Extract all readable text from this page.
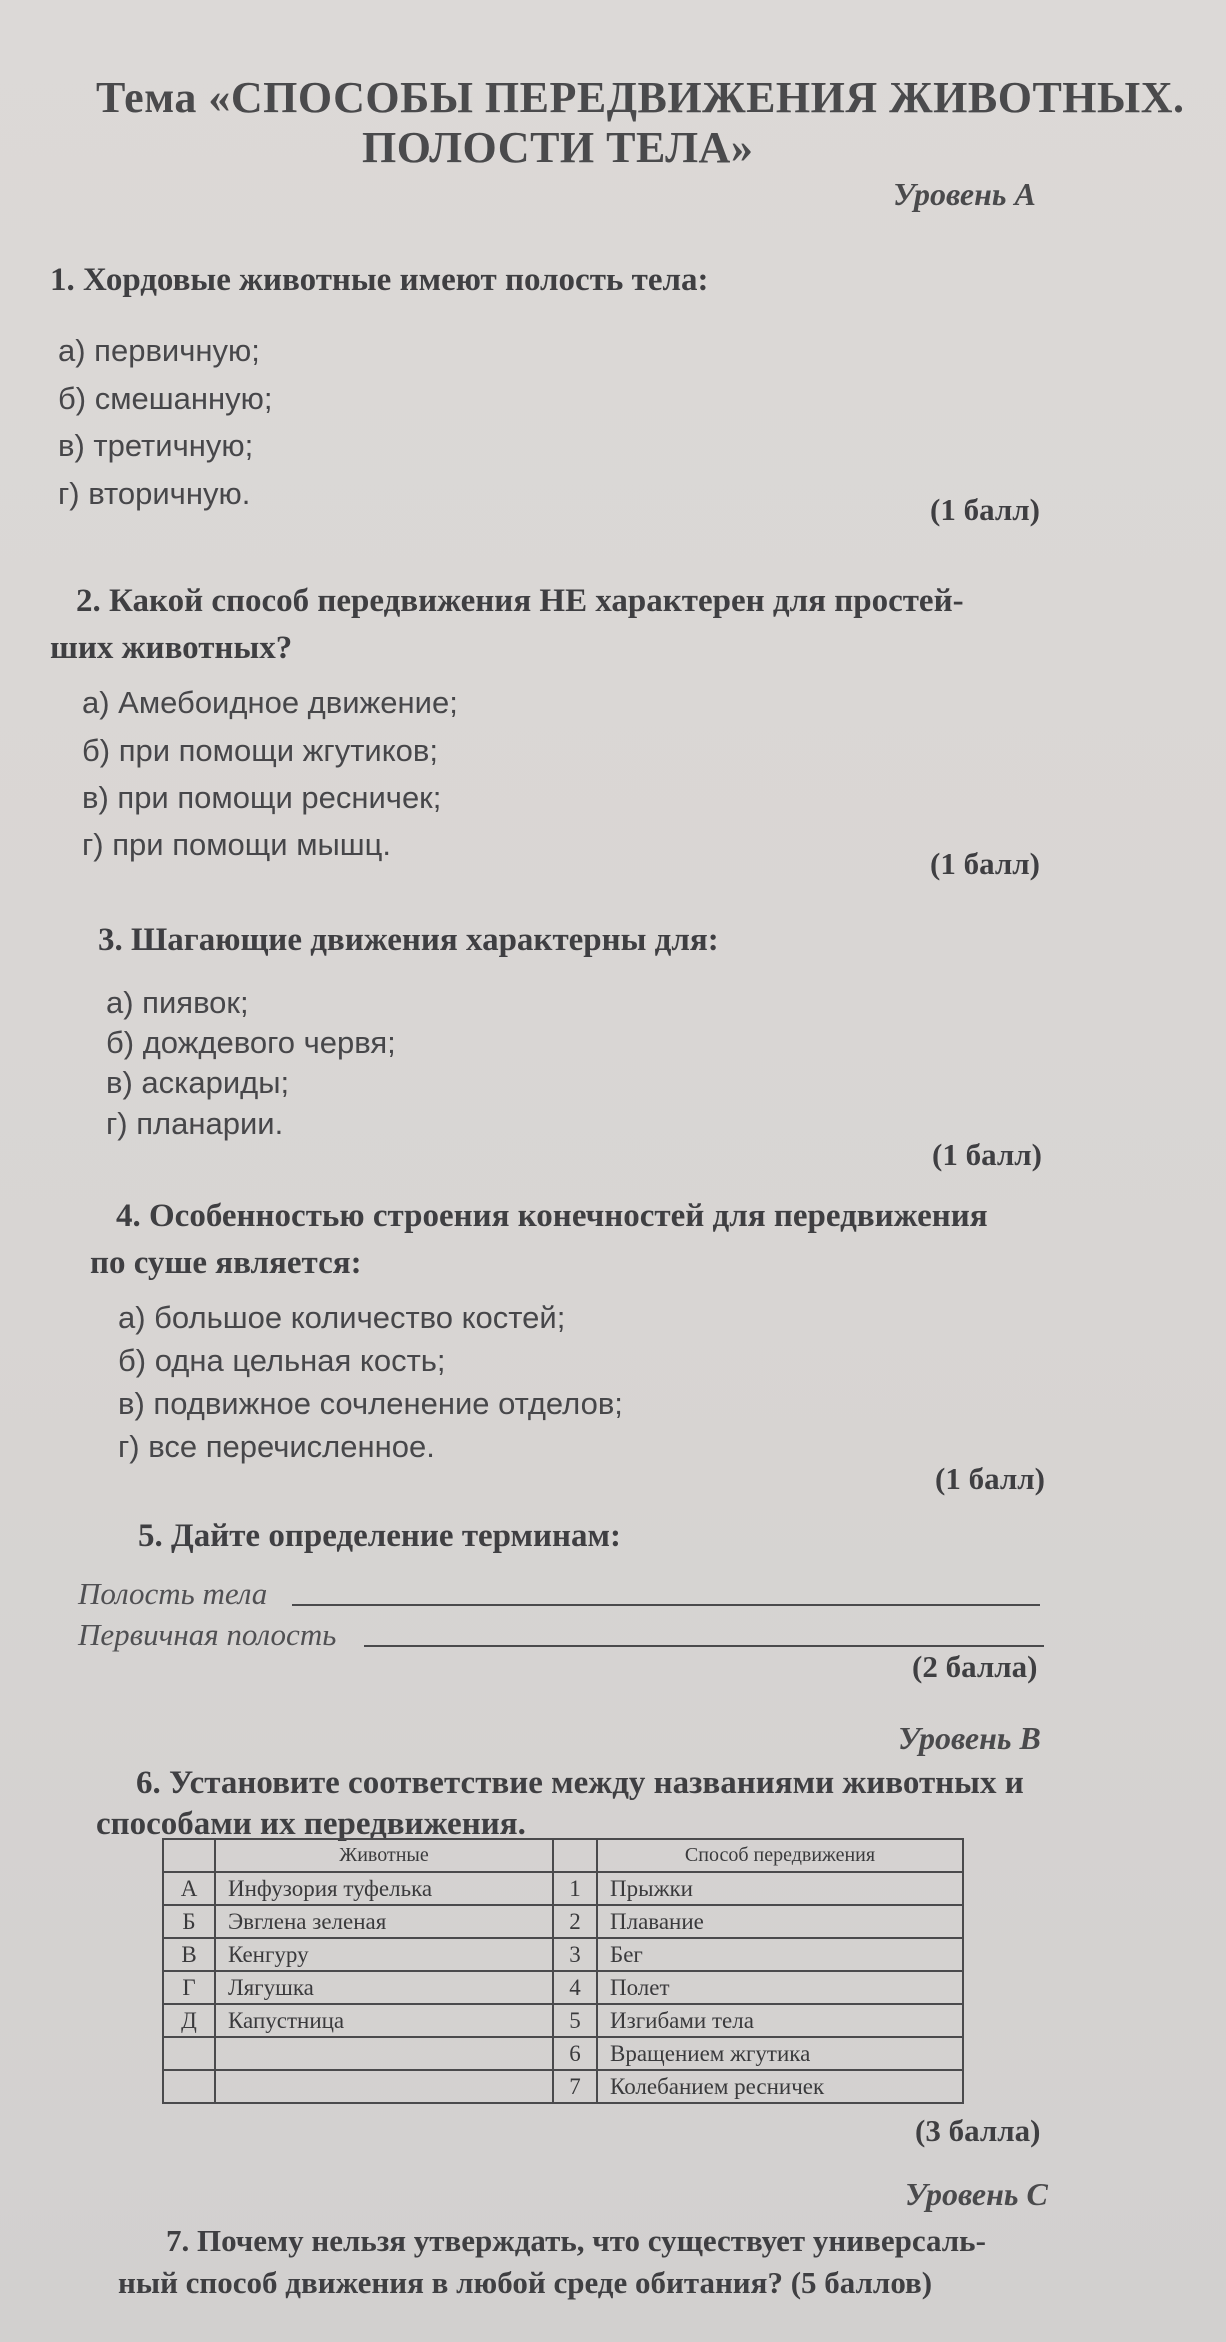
Тема «СПОСОБЫ ПЕРЕДВИЖЕНИЯ ЖИВОТНЫХ.
ПОЛОСТИ ТЕЛА»
Уровень А
1. Хордовые животные имеют полость тела:
а) первичную;
б) смешанную;
в) третичную;
г) вторичную.	(1 балл)
2. Какой способ передвижения НЕ характерен для простей-
ших животных?
а) Амебоидное движение;
б) при помощи жгутиков;
в) при помощи ресничек;
г) при помощи мышц.
(1 балл)
3. Шагающие движения характерны для:
а) пиявок;
б) дождевого червя;
в) аскариды;
г) планарии.
(1 балл)
4. Особенностью строения конечностей для передвижения
по суше является:
а) большое количество костей;
б) одна цельная кость;
в) подвижное сочленение отделов;
г) все перечисленное.
(1 балл)
5. Дайте определение терминам:
Полость тела
Первичная полость
(2 балла)
Уровень В
6. Установите соответствие между названиями животных и
способами их передвижения.
	Животные		Способ передвижения
А	Инфузория туфелька	1	Прыжки
Б	Эвглена зеленая	2	Плавание
В	Кенгуру	3	Бег
Г	Лягушка	4	Полет
Д	Капустница	5	Изгибами тела
		6	Вращением жгутика
		7	Колебанием ресничек
(3 балла)
Уровень С
7. Почему нельзя утверждать, что существует универсаль-
ный способ движения в любой среде обитания? (5 баллов)
